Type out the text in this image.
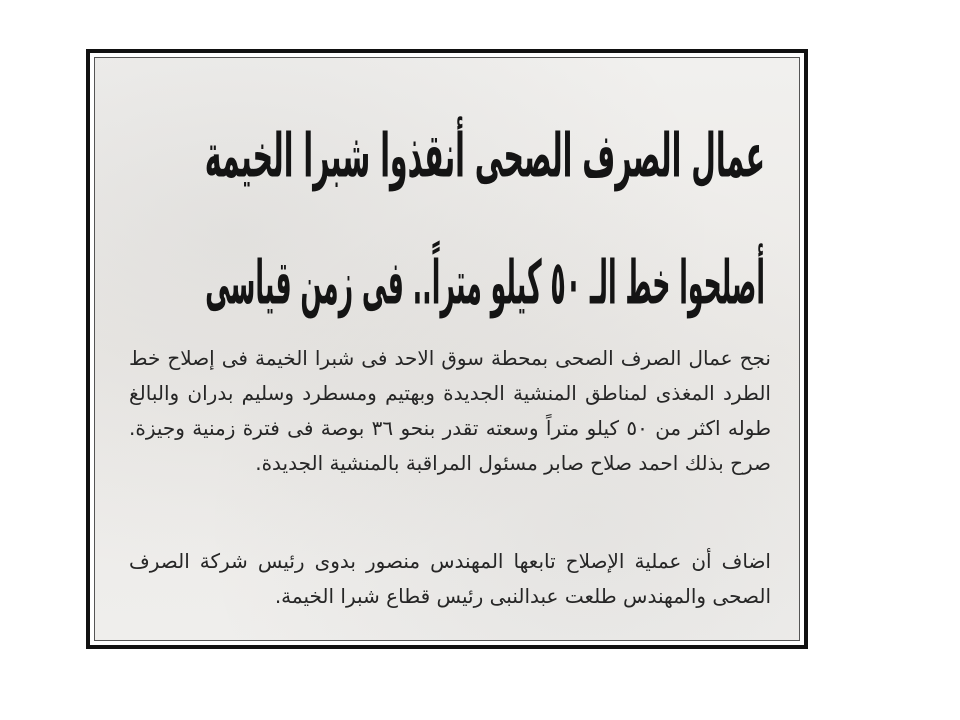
عمال الصرف الصحى أنقذوا شبرا الخيمة
أصلحوا خط الـ ٥٠ كيلو متراً.. فى زمن قياسى

نجح عمال الصرف الصحى بمحطة سوق الاحد فى شبرا الخيمة فى إصلاح خط الطرد المغذى لمناطق المنشية الجديدة وبهتيم ومسطرد وسليم بدران والبالغ طوله اكثر من ٥٠ كيلو متراً وسعته تقدر بنحو ٣٦ بوصة فى فترة زمنية وجيزة. صرح بذلك احمد صلاح صابر مسئول المراقبة بالمنشية الجديدة.

اضاف أن عملية الإصلاح تابعها المهندس منصور بدوى رئيس شركة الصرف الصحى والمهندس طلعت عبدالنبى رئيس قطاع شبرا الخيمة.
